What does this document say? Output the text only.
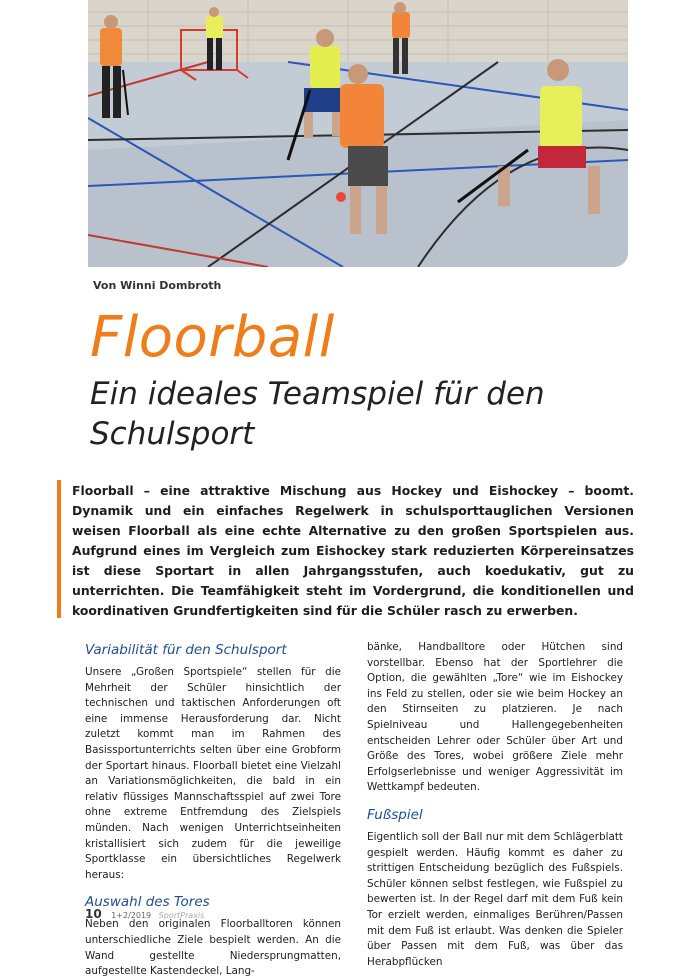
Von Winni Dombroth
Floorball
Ein ideales Teamspiel für den Schulsport
Floorball – eine attraktive Mischung aus Hockey und Eishockey – boomt. Dynamik und ein einfaches Regelwerk in schulsporttauglichen Versionen weisen Floorball als eine echte Alternative zu den großen Sportspielen aus. Aufgrund eines im Vergleich zum Eishockey stark reduzierten Körpereinsatzes ist diese Sportart in allen Jahrgangsstufen, auch koedukativ, gut zu unterrichten. Die Teamfähigkeit steht im Vordergrund, die konditionellen und koordinativen Grundfertigkeiten sind für die Schüler rasch zu erwerben.
Variabilität für den Schulsport

Unsere „Großen Sportspiele“ stellen für die Mehrheit der Schüler hinsichtlich der technischen und taktischen Anforderungen oft eine immense Herausforderung dar. Nicht zuletzt kommt man im Rahmen des Basissportunterrichts selten über eine Grobform der Sportart hinaus. Floorball bietet eine Vielzahl an Variationsmöglichkeiten, die bald in ein relativ flüssiges Mannschaftsspiel auf zwei Tore ohne extreme Entfremdung des Zielspiels münden. Nach wenigen Unterrichtseinheiten kristallisiert sich zudem für die jeweilige Sportklasse ein übersichtliches Regelwerk heraus:

Auswahl des Tores

Neben den originalen Floorballtoren können unterschiedliche Ziele bespielt werden. An die Wand gestellte Niedersprungmatten, aufgestellte Kastendeckel, Lang-

bänke, Handballtore oder Hütchen sind vorstellbar. Ebenso hat der Sportlehrer die Option, die gewählten „Tore“ wie im Eishockey ins Feld zu stellen, oder sie wie beim Hockey an den Stirnseiten zu platzieren. Je nach Spielniveau und Hallengegebenheiten entscheiden Lehrer oder Schüler über Art und Größe des Tores, wobei größere Ziele mehr Erfolgserlebnisse und weniger Aggressivität im Wettkampf bedeuten.

Fußspiel

Eigentlich soll der Ball nur mit dem Schlägerblatt gespielt werden. Häufig kommt es daher zu strittigen Entscheidung bezüglich des Fußspiels. Schüler können selbst festlegen, wie Fußspiel zu bewerten ist. In der Regel darf mit dem Fuß kein Tor erzielt werden, einmaliges Berühren/Passen mit dem Fuß ist erlaubt. Was denken die Spieler über Passen mit dem Fuß, was über das Herabpflücken

10 1+2/2019 SportPraxis
